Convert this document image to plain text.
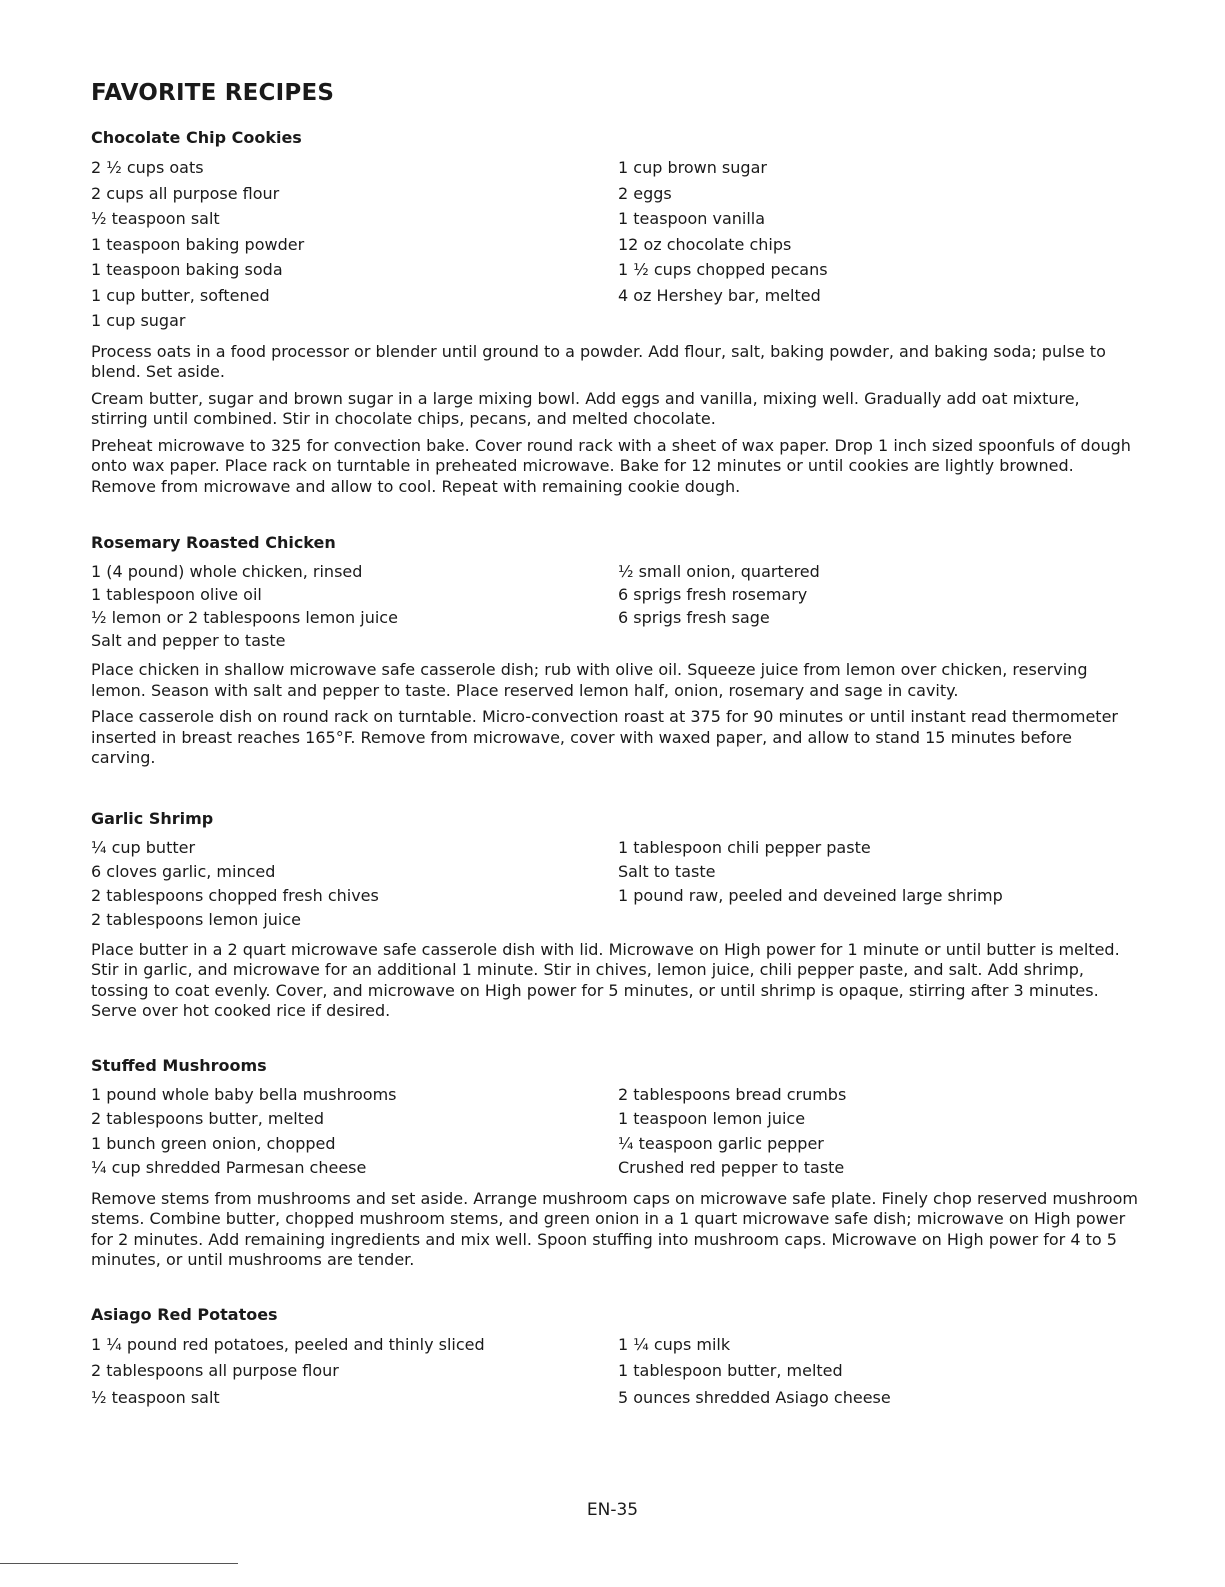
FAVORITE RECIPES
Chocolate Chip Cookies
2 ½ cups oats
2 cups all purpose flour
½ teaspoon salt
1 teaspoon baking powder
1 teaspoon baking soda
1 cup butter, softened
1 cup sugar
1 cup brown sugar
2 eggs
1 teaspoon vanilla
12 oz chocolate chips
1 ½ cups chopped pecans
4 oz Hershey bar, melted

Process oats in a food processor or blender until ground to a powder. Add flour, salt, baking powder, and baking soda; pulse to blend. Set aside.

Cream butter, sugar and brown sugar in a large mixing bowl. Add eggs and vanilla, mixing well. Gradually add oat mixture, stirring until combined. Stir in chocolate chips, pecans, and melted chocolate.

Preheat microwave to 325 for convection bake. Cover round rack with a sheet of wax paper. Drop 1 inch sized spoonfuls of dough onto wax paper. Place rack on turntable in preheated microwave. Bake for 12 minutes or until cookies are lightly browned. Remove from microwave and allow to cool. Repeat with remaining cookie dough.

Rosemary Roasted Chicken
1 (4 pound) whole chicken, rinsed
1 tablespoon olive oil
½ lemon or 2 tablespoons lemon juice
Salt and pepper to taste
½ small onion, quartered
6 sprigs fresh rosemary
6 sprigs fresh sage

Place chicken in shallow microwave safe casserole dish; rub with olive oil. Squeeze juice from lemon over chicken, reserving lemon. Season with salt and pepper to taste. Place reserved lemon half, onion, rosemary and sage in cavity.

Place casserole dish on round rack on turntable. Micro-convection roast at 375 for 90 minutes or until instant read thermometer inserted in breast reaches 165°F. Remove from microwave, cover with waxed paper, and allow to stand 15 minutes before carving.

Garlic Shrimp
¼ cup butter
6 cloves garlic, minced
2 tablespoons chopped fresh chives
2 tablespoons lemon juice
1 tablespoon chili pepper paste
Salt to taste
1 pound raw, peeled and deveined large shrimp

Place butter in a 2 quart microwave safe casserole dish with lid. Microwave on High power for 1 minute or until butter is melted. Stir in garlic, and microwave for an additional 1 minute. Stir in chives, lemon juice, chili pepper paste, and salt. Add shrimp, tossing to coat evenly. Cover, and microwave on High power for 5 minutes, or until shrimp is opaque, stirring after 3 minutes. Serve over hot cooked rice if desired.

Stuffed Mushrooms
1 pound whole baby bella mushrooms
2 tablespoons butter, melted
1 bunch green onion, chopped
¼ cup shredded Parmesan cheese
2 tablespoons bread crumbs
1 teaspoon lemon juice
¼ teaspoon garlic pepper
Crushed red pepper to taste

Remove stems from mushrooms and set aside. Arrange mushroom caps on microwave safe plate. Finely chop reserved mushroom stems. Combine butter, chopped mushroom stems, and green onion in a 1 quart microwave safe dish; microwave on High power for 2 minutes. Add remaining ingredients and mix well. Spoon stuffing into mushroom caps. Microwave on High power for 4 to 5 minutes, or until mushrooms are tender.

Asiago Red Potatoes
1 ¼ pound red potatoes, peeled and thinly sliced
2 tablespoons all purpose flour
½ teaspoon salt
1 ¼ cups milk
1 tablespoon butter, melted
5 ounces shredded Asiago cheese
EN-35
